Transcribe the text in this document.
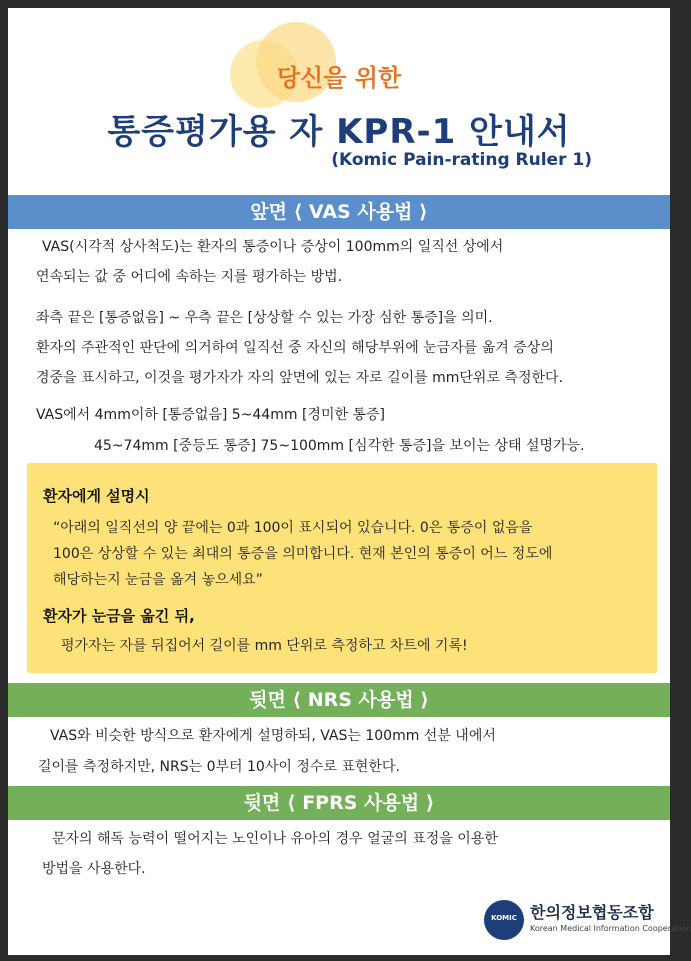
당신을 위한
통증평가용 자 KPR-1 안내서
(Komic Pain-rating Ruler 1)
앞면 ⟨ VAS 사용법 ⟩
VAS(시각적 상사척도)는 환자의 통증이나 증상이 100mm의 일직선 상에서
연속되는 값 중 어디에 속하는 지를 평가하는 방법.
좌측 끝은 [통증없음] ~ 우측 끝은 [상상할 수 있는 가장 심한 통증]을 의미.
환자의 주관적인 판단에 의거하여 일직선 중 자신의 해당부위에 눈금자를 옮겨 증상의
경중을 표시하고, 이것을 평가자가 자의 앞면에 있는 자로 길이를 mm단위로 측정한다.
VAS에서 4mm이하 [통증없음] 5~44mm [경미한 통증]
45~74mm [중등도 통증] 75~100mm [심각한 통증]을 보이는 상태 설명가능.
환자에게 설명시
“아래의 일직선의 양 끝에는 0과 100이 표시되어 있습니다. 0은 통증이 없음을
100은 상상할 수 있는 최대의 통증을 의미합니다. 현재 본인의 통증이 어느 정도에
해당하는지 눈금을 옮겨 놓으세요”
환자가 눈금을 옮긴 뒤,
평가자는 자를 뒤집어서 길이를 mm 단위로 측정하고 차트에 기록!
뒷면 ⟨ NRS 사용법 ⟩
VAS와 비슷한 방식으로 환자에게 설명하되, VAS는 100mm 선분 내에서
길이를 측정하지만, NRS는 0부터 10사이 정수로 표현한다.
뒷면 ⟨ FPRS 사용법 ⟩
문자의 해독 능력이 떨어지는 노인이나 유아의 경우 얼굴의 표정을 이용한
방법을 사용한다.
KOMIC 한의정보협동조합
Korean Medical Information Cooperation
